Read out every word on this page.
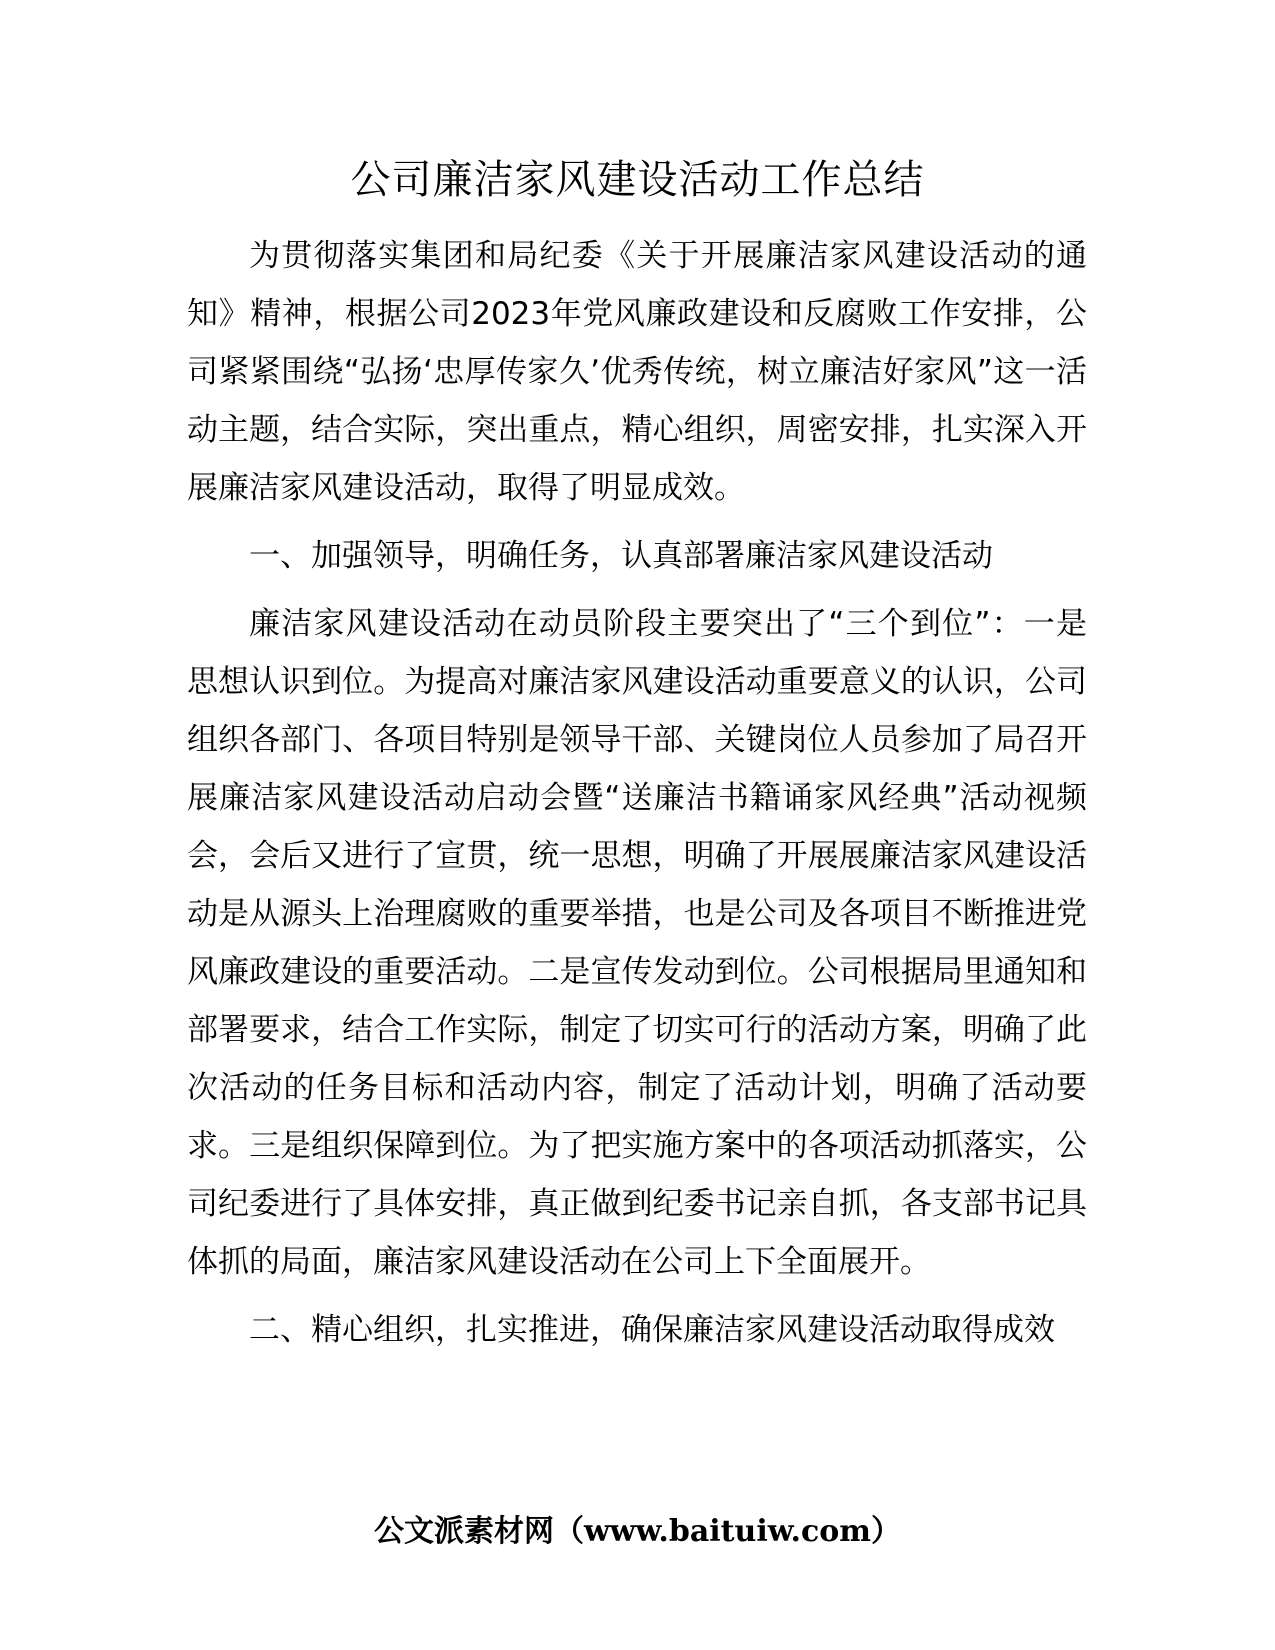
公司廉洁家风建设活动工作总结

为贯彻落实集团和局纪委《关于开展廉洁家风建设活动的通知》精神，根据公司2023年党风廉政建设和反腐败工作安排，公司紧紧围绕“弘扬‘忠厚传家久’优秀传统，树立廉洁好家风”这一活动主题，结合实际，突出重点，精心组织，周密安排，扎实深入开展廉洁家风建设活动，取得了明显成效。

一、加强领导，明确任务，认真部署廉洁家风建设活动

廉洁家风建设活动在动员阶段主要突出了“三个到位”：一是思想认识到位。为提高对廉洁家风建设活动重要意义的认识，公司组织各部门、各项目特别是领导干部、关键岗位人员参加了局召开展廉洁家风建设活动启动会暨“送廉洁书籍诵家风经典”活动视频会，会后又进行了宣贯，统一思想，明确了开展展廉洁家风建设活动是从源头上治理腐败的重要举措，也是公司及各项目不断推进党风廉政建设的重要活动。二是宣传发动到位。公司根据局里通知和部署要求，结合工作实际，制定了切实可行的活动方案，明确了此次活动的任务目标和活动内容，制定了活动计划，明确了活动要求。三是组织保障到位。为了把实施方案中的各项活动抓落实，公司纪委进行了具体安排，真正做到纪委书记亲自抓，各支部书记具体抓的局面，廉洁家风建设活动在公司上下全面展开。

二、精心组织，扎实推进，确保廉洁家风建设活动取得成效

公文派素材网（www.baituiw.com）
